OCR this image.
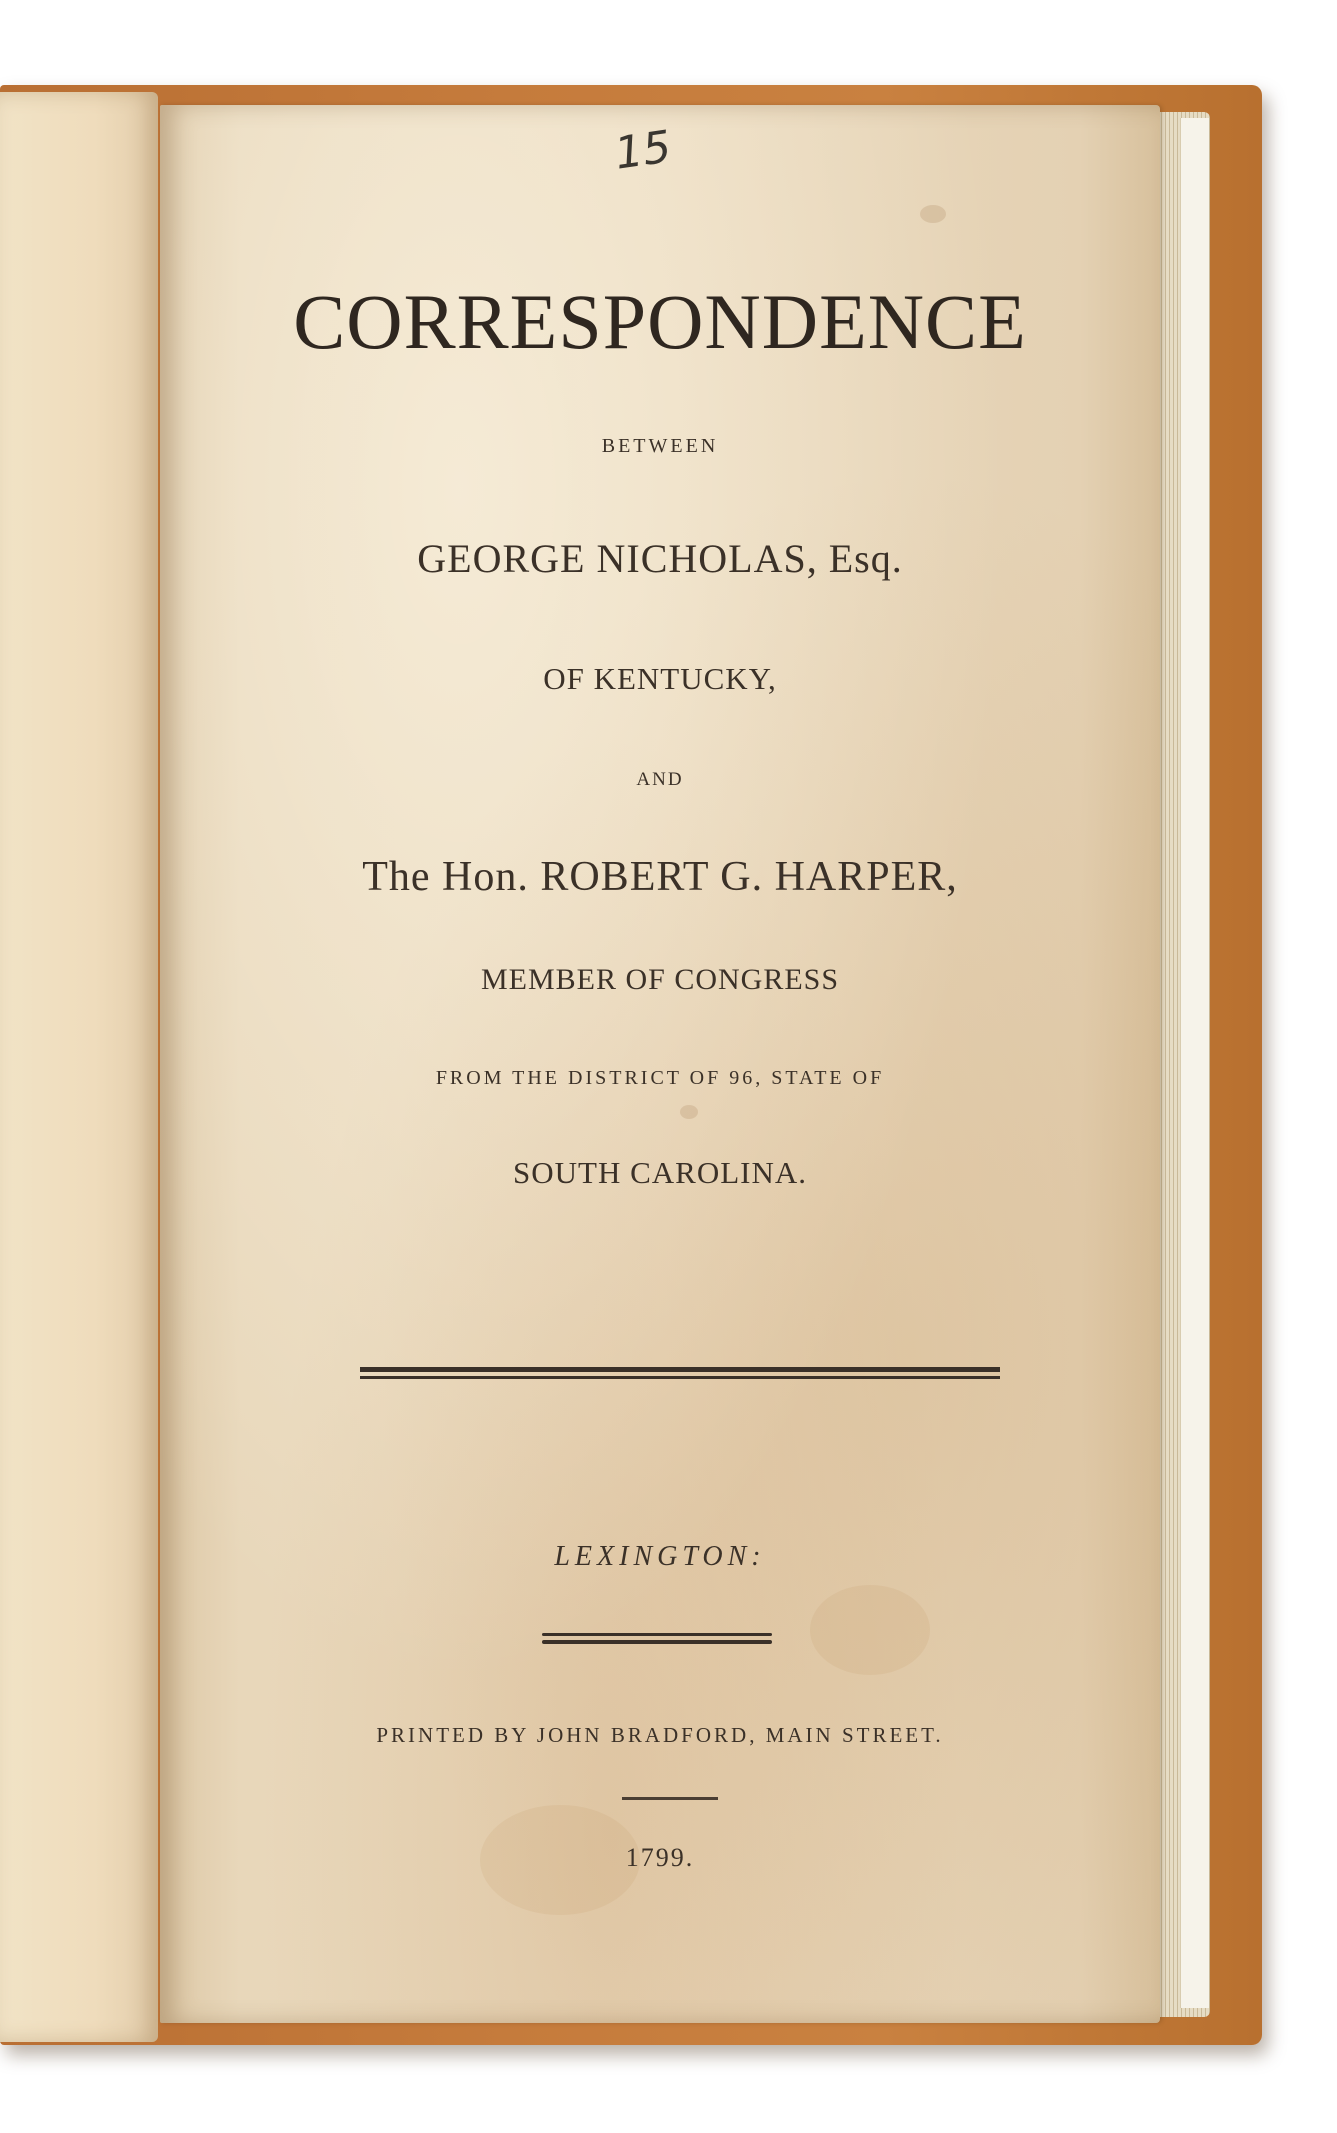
15
CORRESPONDENCE
BETWEEN
GEORGE NICHOLAS, Esq.
OF KENTUCKY,
AND
The Hon. ROBERT G. HARPER,
MEMBER OF CONGRESS
FROM THE DISTRICT OF 96, STATE OF
SOUTH CAROLINA.
LEXINGTON:
PRINTED BY JOHN BRADFORD, MAIN STREET.
1799.
